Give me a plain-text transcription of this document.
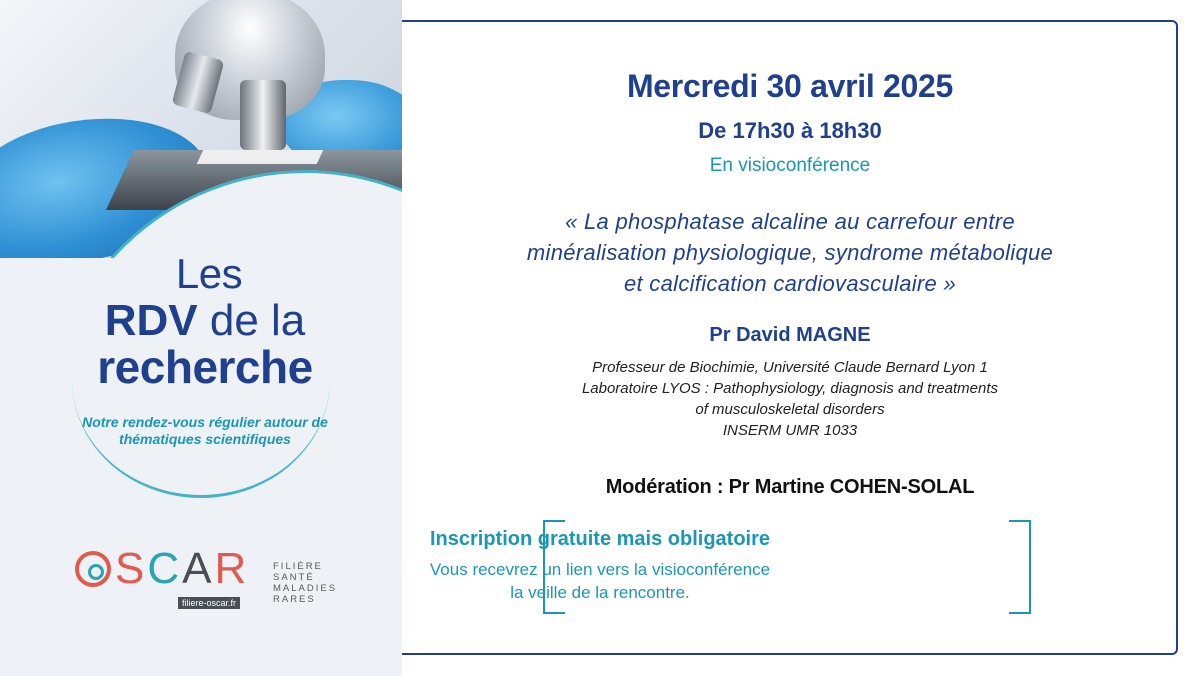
Les
RDV de la
recherche
Notre rendez-vous régulier autour de thématiques scientifiques
SCAR
filiere-oscar.fr
FILIÈRE
SANTÉ
MALADIES
RARES
Mercredi 30 avril 2025
De 17h30 à 18h30
En visioconférence
« La phosphatase alcaline au carrefour entre
minéralisation physiologique, syndrome métabolique
et calcification cardiovasculaire »
Pr David MAGNE
Professeur de Biochimie, Université Claude Bernard Lyon 1
Laboratoire LYOS : Pathophysiology, diagnosis and treatments
of musculoskeletal disorders
INSERM UMR 1033
Modération : Pr Martine COHEN-SOLAL
Inscription gratuite mais obligatoire
Vous recevrez un lien vers la visioconférence
la veille de la rencontre.
